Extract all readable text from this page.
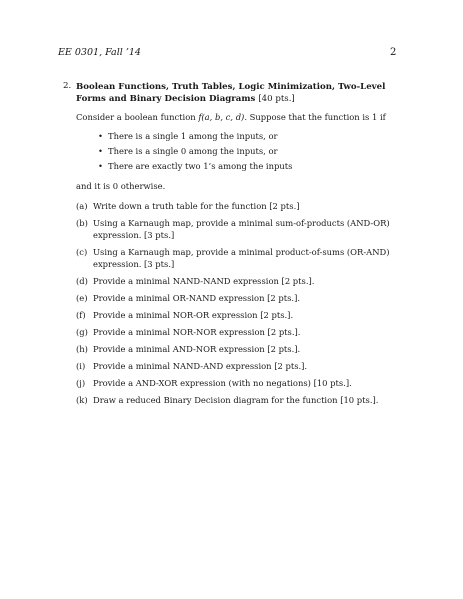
EE 0301, Fall ’14	2
2. Boolean Functions, Truth Tables, Logic Minimization, Two-Level Forms and Binary Decision Diagrams [40 pts.]

Consider a boolean function f(a, b, c, d). Suppose that the function is 1 if

• There is a single 1 among the inputs, or
• There is a single 0 among the inputs, or
• There are exactly two 1’s among the inputs

and it is 0 otherwise.

(a) Write down a truth table for the function [2 pts.]
(b) Using a Karnaugh map, provide a minimal sum-of-products (AND-OR) expression. [3 pts.]
(c) Using a Karnaugh map, provide a minimal product-of-sums (OR-AND) expression. [3 pts.]
(d) Provide a minimal NAND-NAND expression [2 pts.].
(e) Provide a minimal OR-NAND expression [2 pts.].
(f) Provide a minimal NOR-OR expression [2 pts.].
(g) Provide a minimal NOR-NOR expression [2 pts.].
(h) Provide a minimal AND-NOR expression [2 pts.].
(i) Provide a minimal NAND-AND expression [2 pts.].
(j) Provide a AND-XOR expression (with no negations) [10 pts.].
(k) Draw a reduced Binary Decision diagram for the function [10 pts.].
